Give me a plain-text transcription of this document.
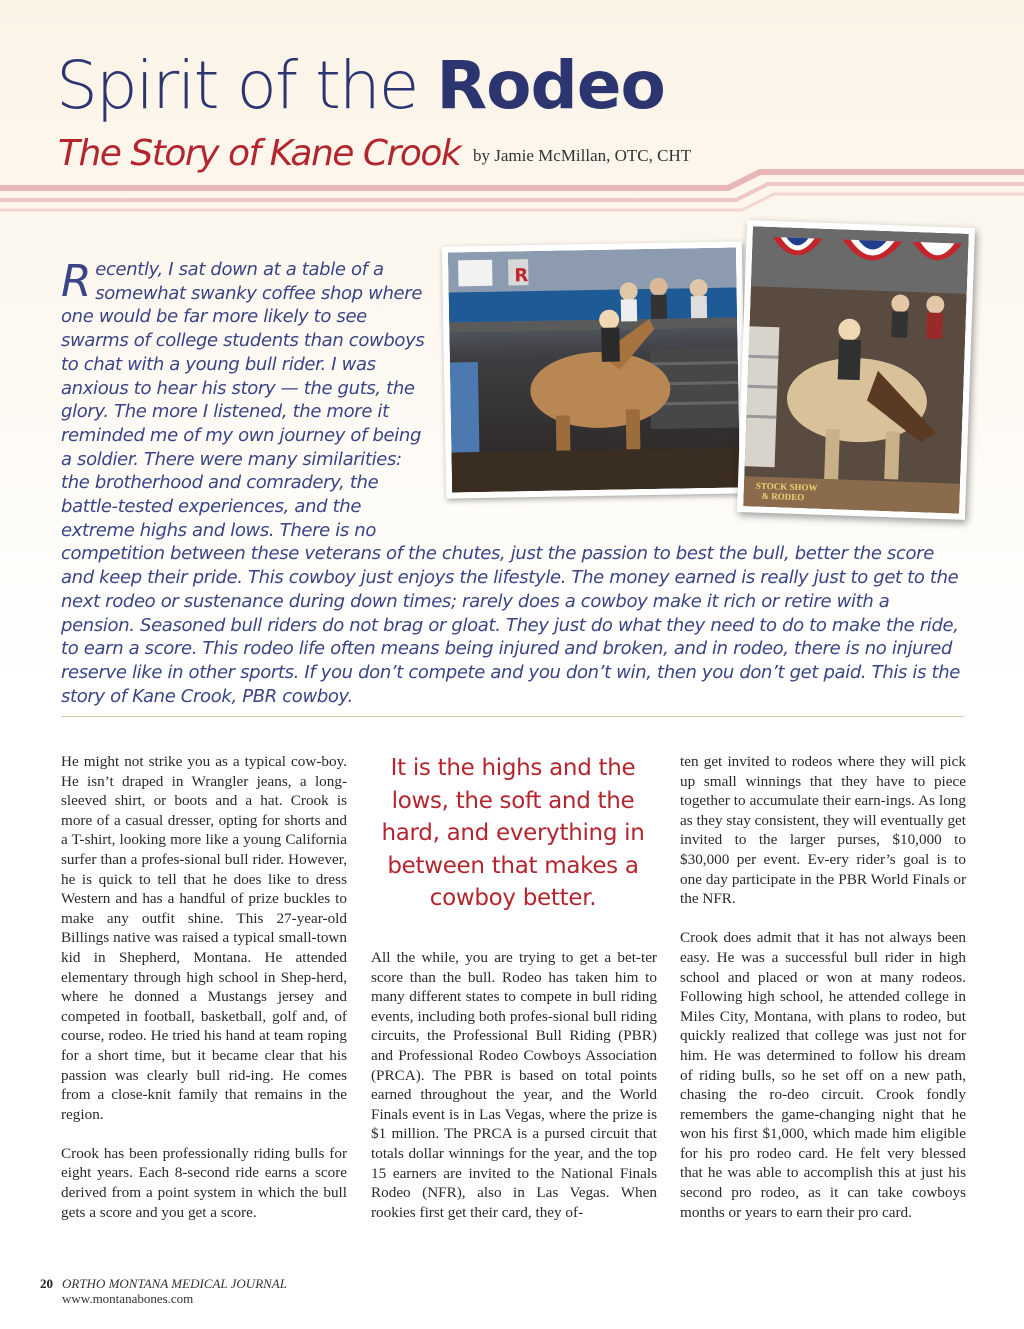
Spirit of the Rodeo
The Story of Kane Crook by Jamie McMillan, OTC, CHT
R
STOCK SHOW
& RODEO
Recently, I sat down at a table of a somewhat swanky coffee shop where one would be far more likely to see swarms of college students than cowboys to chat with a young bull rider. I was anxious to hear his story — the guts, the glory. The more I listened, the more it reminded me of my own journey of being a soldier. There were many similarities: the brotherhood and comradery, the battle-tested experiences, and the extreme highs and lows. There is no competition between these veterans of the chutes, just the passion to best the bull, better the score and keep their pride. This cowboy just enjoys the lifestyle. The money earned is really just to get to the next rodeo or sustenance during down times; rarely does a cowboy make it rich or retire with a pension. Seasoned bull riders do not brag or gloat. They just do what they need to do to make the ride, to earn a score. This rodeo life often means being injured and broken, and in rodeo, there is no injured reserve like in other sports. If you don’t compete and you don’t win, then you don’t get paid. This is the story of Kane Crook, PBR cowboy.

He might not strike you as a typical cow-boy. He isn’t draped in Wrangler jeans, a long-sleeved shirt, or boots and a hat. Crook is more of a casual dresser, opting for shorts and a T-shirt, looking more like a young California surfer than a profes-sional bull rider. However, he is quick to tell that he does like to dress Western and has a handful of prize buckles to make any outfit shine. This 27-year-old Billings native was raised a typical small-town kid in Shepherd, Montana. He attended elementary through high school in Shep-herd, where he donned a Mustangs jersey and competed in football, basketball, golf and, of course, rodeo. He tried his hand at team roping for a short time, but it became clear that his passion was clearly bull rid-ing. He comes from a close-knit family that remains in the region.

Crook has been professionally riding bulls for eight years. Each 8-second ride earns a score derived from a point system in which the bull gets a score and you get a score.

It is the highs and the lows, the soft and the hard, and everything in between that makes a cowboy better.

All the while, you are trying to get a bet-ter score than the bull. Rodeo has taken him to many different states to compete in bull riding events, including both profes-sional bull riding circuits, the Professional Bull Riding (PBR) and Professional Rodeo Cowboys Association (PRCA). The PBR is based on total points earned throughout the year, and the World Finals event is in Las Vegas, where the prize is $1 million. The PRCA is a pursed circuit that totals dollar winnings for the year, and the top 15 earners are invited to the National Finals Rodeo (NFR), also in Las Vegas. When rookies first get their card, they of-

ten get invited to rodeos where they will pick up small winnings that they have to piece together to accumulate their earn-ings. As long as they stay consistent, they will eventually get invited to the larger purses, $10,000 to $30,000 per event. Ev-ery rider’s goal is to one day participate in the PBR World Finals or the NFR.

Crook does admit that it has not always been easy. He was a successful bull rider in high school and placed or won at many rodeos. Following high school, he attended college in Miles City, Montana, with plans to rodeo, but quickly realized that college was just not for him. He was determined to follow his dream of riding bulls, so he set off on a new path, chasing the ro-deo circuit. Crook fondly remembers the game-changing night that he won his first $1,000, which made him eligible for his pro rodeo card. He felt very blessed that he was able to accomplish this at just his second pro rodeo, as it can take cowboys months or years to earn their pro card.

20 ORTHO MONTANA MEDICAL JOURNAL
www.montanabones.com
